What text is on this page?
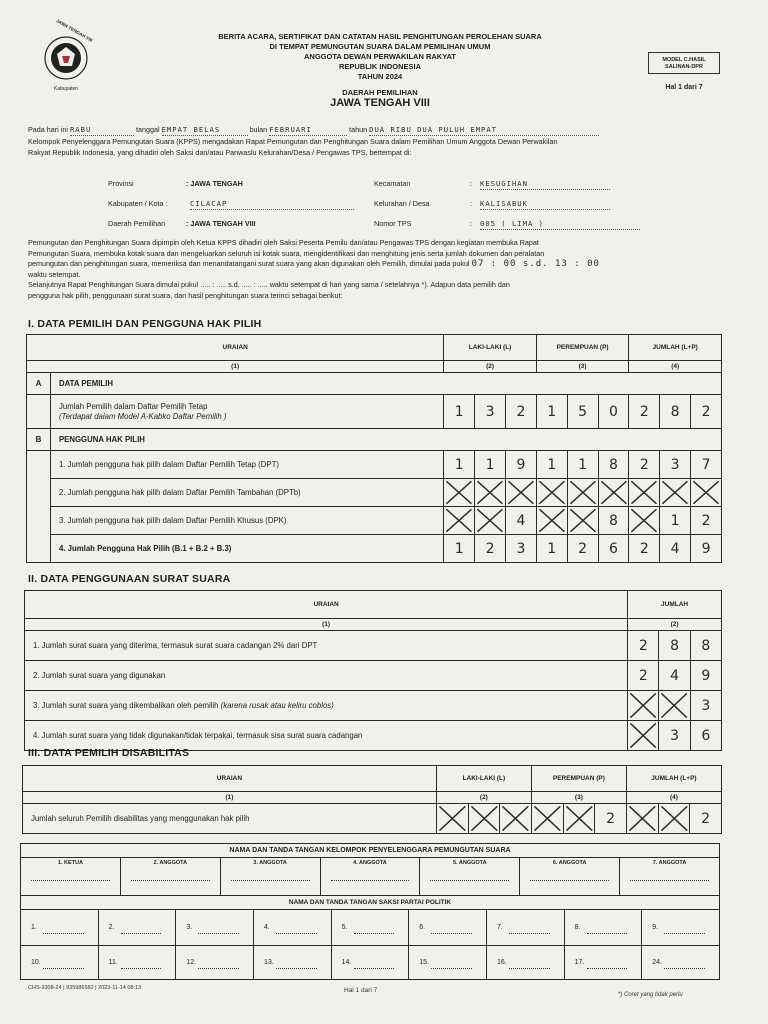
Kabupaten
JAWA TENGAH VIII	BERITA ACARA, SERTIFIKAT DAN CATATAN HASIL PENGHITUNGAN PEROLEHAN SUARA
DI TEMPAT PEMUNGUTAN SUARA DALAM PEMILIHAN UMUM
ANGGOTA DEWAN PERWAKILAN RAKYAT
REPUBLIK INDONESIA
TAHUN 2024
DAERAH PEMILIHAN
JAWA TENGAH VIII
MODEL C.HASIL
SALINAN-DPR
Hal 1 dari 7
Pada hari ini RABU	tanggal EMPAT BELAS	bulan FEBRUARI	tahun DUA RIBU DUA PULUH EMPAT
Kelompok Penyelenggara Pemungutan Suara (KPPS) mengadakan Rapat Pemungutan dan Penghitungan Suara dalam Pemilihan Umum Anggota Dewan Perwakilan
Rakyat Republik Indonesia, yang dihadiri oleh Saksi dan/atau Panwaslu Kelurahan/Desa / Pengawas TPS, bertempat di:
Provinsi	: JAWA TENGAH	Kecamatan	: KESUGIHAN
Kabupaten / Kota :	CILACAP	Kelurahan / Desa	: KALISABUK
Daerah Pemilihan	: JAWA TENGAH VIII	Nomor TPS	: 005 ( LIMA )
Pemungutan dan Penghitungan Suara dipimpin oleh Ketua KPPS dihadiri oleh Saksi Peserta Pemilu dan/atau Pengawas TPS dengan kegiatan membuka Rapat
Pemungutan Suara, membuka kotak suara dan mengeluarkan seluruh isi kotak suara, mengidentifikasi dan menghitung jenis serta jumlah dokumen dan peralatan
pemungutan dan penghitungan suara, memeriksa dan menandatangani surat suara yang akan digunakan oleh Pemilih, dimulai pada pukul 07 : 00 s.d. 13 : 00
waktu setempat.
Selanjutnya Rapat Penghitungan Suara dimulai pukul ..... : ..... s.d. ..... : ..... waktu setempat di hari yang sama / setelahnya *). Adapun data pemilih dan
pengguna hak pilih, penggunaan surat suara, dan hasil penghitungan suara terinci sebagai berikut:
I. DATA PEMILIH DAN PENGGUNA HAK PILIH
URAIAN		LAKI-LAKI (L)			PEREMPUAN (P)			JUMLAH (L+P)		
(1)		(2)			(3)			(4)		
A	DATA PEMILIH									

	Jumlah Pemilih dalam Daftar Pemilih Tetap
(Terdapat dalam Model A-Kabko Daftar Pemilih )	1	3	2	1	5	0	2	8	2
B	PENGGUNA HAK PILIH									
	1. Jumlah pengguna hak pilih dalam Daftar Pemilih Tetap (DPT)	1	1	9	1	1	8	2	3	7
	2. Jumlah pengguna hak pilih dalam Daftar Pemilih Tambahan (DPTb)	

	3. Jumlah pengguna hak pilih dalam Daftar Pemilih Khusus (DPK)			4			8		1	2
	4. Jumlah Pengguna Hak Pilih (B.1 + B.2 + B.3)	1	2	3	1	2	6	2	4	9
II. DATA PENGGUNAAN SURAT SUARA
URAIAN	JUMLAH		
(1)	(2)		
1. Jumlah surat suara yang diterima, termasuk surat suara cadangan 2% dari DPT	2	8	8
2. Jumlah surat suara yang digunakan	2	4	9
3. Jumlah surat suara yang dikembalikan oleh pemilih (karena rusak atau keliru coblos)			3
4. Jumlah surat suara yang tidak digunakan/tidak terpakai, termasuk sisa surat suara cadangan		3	6
III. DATA PEMILIH DISABILITAS
URAIAN	LAKI-LAKI (L)			PEREMPUAN (P)			JUMLAH (L+P)		
(1)	(2)			(3)			(4)		
Jumlah seluruh Pemilih disabilitas yang menggunakan hak pilih						2			2
NAMA DAN TANDA TANGAN KELOMPOK PENYELENGGARA PEMUNGUTAN SUARA

1. KETUA	2. ANGGOTA	3. ANGGOTA	4. ANGGOTA	5. ANGGOTA	6. ANGGOTA	7. ANGGOTA

NAMA DAN TANDA TANGAN SAKSI PARTAI POLITIK
1.	2.	3.	4.	5.	6.	7.	8.	9.

10.	11.	12.	13.	14.	15.	16.	17.	24.
CHS-3308-24 | 935986582 | 2023-11-14 08:13	Hal 1 dari 7
*) Coret yang tidak perlu
